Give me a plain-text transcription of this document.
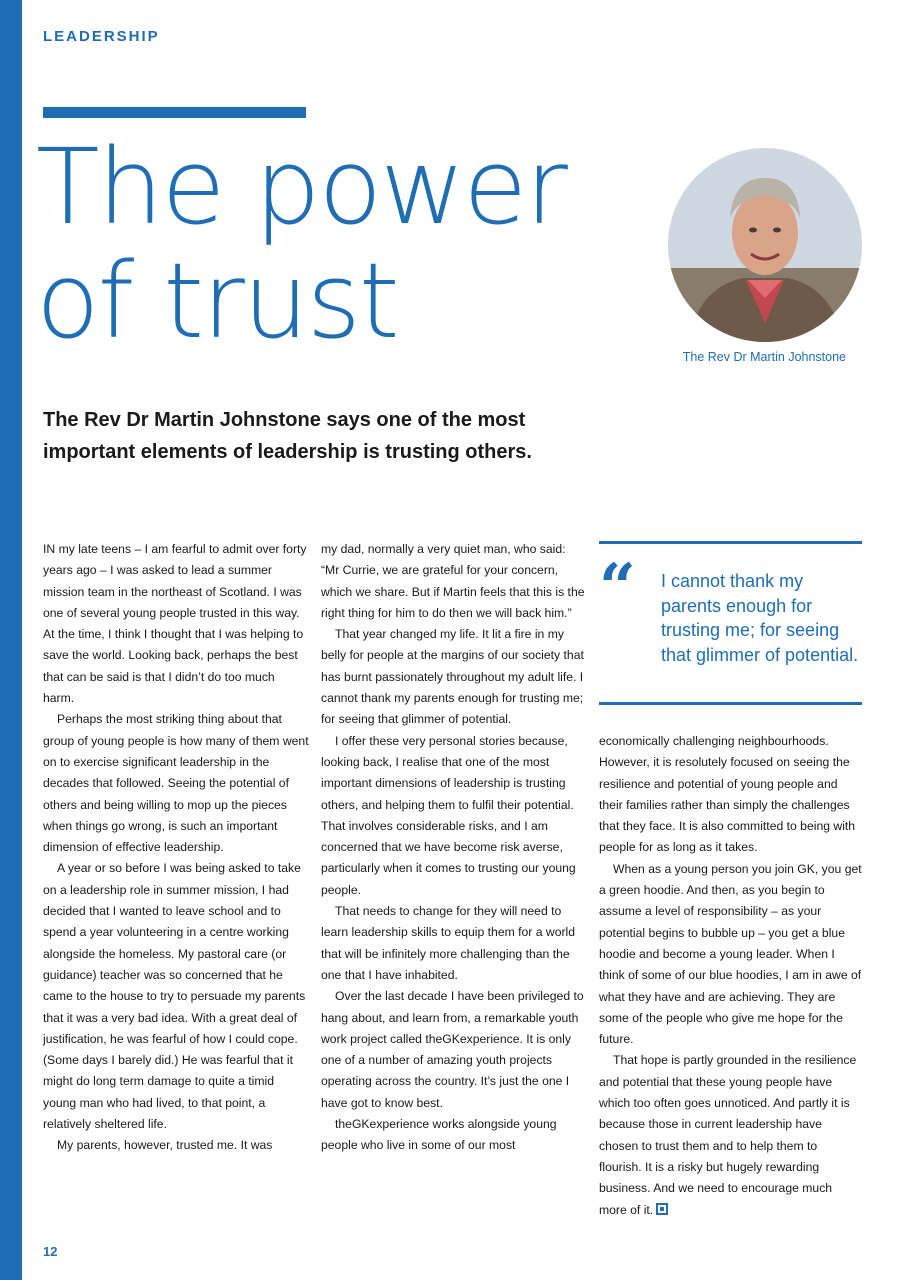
LEADERSHIP
The power
of trust	The Rev Dr Martin Johnstone

The Rev Dr Martin Johnstone says one of the most important elements of leadership is trusting others.

IN my late teens – I am fearful to admit over forty years ago – I was asked to lead a summer mission team in the northeast of Scotland. I was one of several young people trusted in this way. At the time, I think I thought that I was helping to save the world. Looking back, perhaps the best that can be said is that I didn’t do too much harm.

Perhaps the most striking thing about that group of young people is how many of them went on to exercise significant leadership in the decades that followed. Seeing the potential of others and being willing to mop up the pieces when things go wrong, is such an important dimension of effective leadership.

A year or so before I was being asked to take on a leadership role in summer mission, I had decided that I wanted to leave school and to spend a year volunteering in a centre working alongside the homeless. My pastoral care (or guidance) teacher was so concerned that he came to the house to try to persuade my parents that it was a very bad idea. With a great deal of justification, he was fearful of how I could cope. (Some days I barely did.) He was fearful that it might do long term damage to quite a timid young man who had lived, to that point, a relatively sheltered life.

My parents, however, trusted me. It was

my dad, normally a very quiet man, who said: “Mr Currie, we are grateful for your concern, which we share. But if Martin feels that this is the right thing for him to do then we will back him.”

That year changed my life. It lit a fire in my belly for people at the margins of our society that has burnt passionately throughout my adult life. I cannot thank my parents enough for trusting me; for seeing that glimmer of potential.

I offer these very personal stories because, looking back, I realise that one of the most important dimensions of leadership is trusting others, and helping them to fulfil their potential. That involves considerable risks, and I am concerned that we have become risk averse, particularly when it comes to trusting our young people.

That needs to change for they will need to learn leadership skills to equip them for a world that will be infinitely more challenging than the one that I have inhabited.

Over the last decade I have been privileged to hang about, and learn from, a remarkable youth work project called theGKexperience. It is only one of a number of amazing youth projects operating across the country. It’s just the one I have got to know best.

theGKexperience works alongside young people who live in some of our most

“ I cannot thank my parents enough for trusting me; for seeing that glimmer of potential.

economically challenging neighbourhoods. However, it is resolutely focused on seeing the resilience and potential of young people and their families rather than simply the challenges that they face. It is also committed to being with people for as long as it takes.

When as a young person you join GK, you get a green hoodie. And then, as you begin to assume a level of responsibility – as your potential begins to bubble up – you get a blue hoodie and become a young leader. When I think of some of our blue hoodies, I am in awe of what they have and are achieving. They are some of the people who give me hope for the future.

That hope is partly grounded in the resilience and potential that these young people have which too often goes unnoticed. And partly it is because those in current leadership have chosen to trust them and to help them to flourish. It is a risky but hugely rewarding business. And we need to encourage much more of it.

12
